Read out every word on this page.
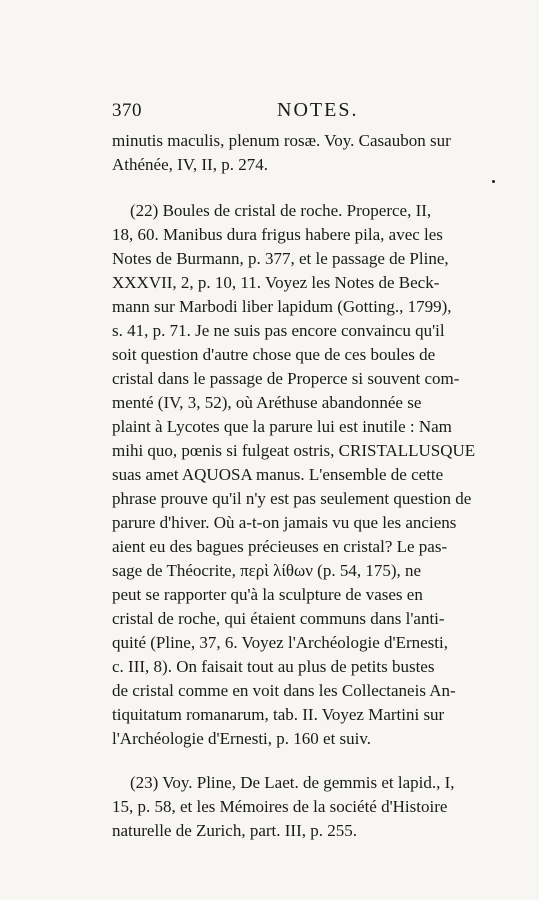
370	NOTES.
minutis maculis, plenum rosæ. Voy. Casaubon sur
Athénée, IV, II, p. 274.
(22) Boules de cristal de roche. Properce, II,
18, 60. Manibus dura frigus habere pila, avec les
Notes de Burmann, p. 377, et le passage de Pline,
XXXVII, 2, p. 10, 11. Voyez les Notes de Beck-
mann sur Marbodi liber lapidum (Gotting., 1799),
s. 41, p. 71. Je ne suis pas encore convaincu qu'il
soit question d'autre chose que de ces boules de
cristal dans le passage de Properce si souvent com-
menté (IV, 3, 52), où Aréthuse abandonnée se
plaint à Lycotes que la parure lui est inutile : Nam
mihi quo, pœnis si fulgeat ostris, CRISTALLUSQUE
suas amet AQUOSA manus. L'ensemble de cette
phrase prouve qu'il n'y est pas seulement question de
parure d'hiver. Où a-t-on jamais vu que les anciens
aient eu des bagues précieuses en cristal? Le pas-
sage de Théocrite, περὶ λίθων (p. 54, 175), ne
peut se rapporter qu'à la sculpture de vases en
cristal de roche, qui étaient communs dans l'anti-
quité (Pline, 37, 6. Voyez l'Archéologie d'Ernesti,
c. III, 8). On faisait tout au plus de petits bustes
de cristal comme en voit dans les Collectaneis An-
tiquitatum romanarum, tab. II. Voyez Martini sur
l'Archéologie d'Ernesti, p. 160 et suiv.
(23) Voy. Pline, De Laet. de gemmis et lapid., I,
15, p. 58, et les Mémoires de la société d'Histoire
naturelle de Zurich, part. III, p. 255.
